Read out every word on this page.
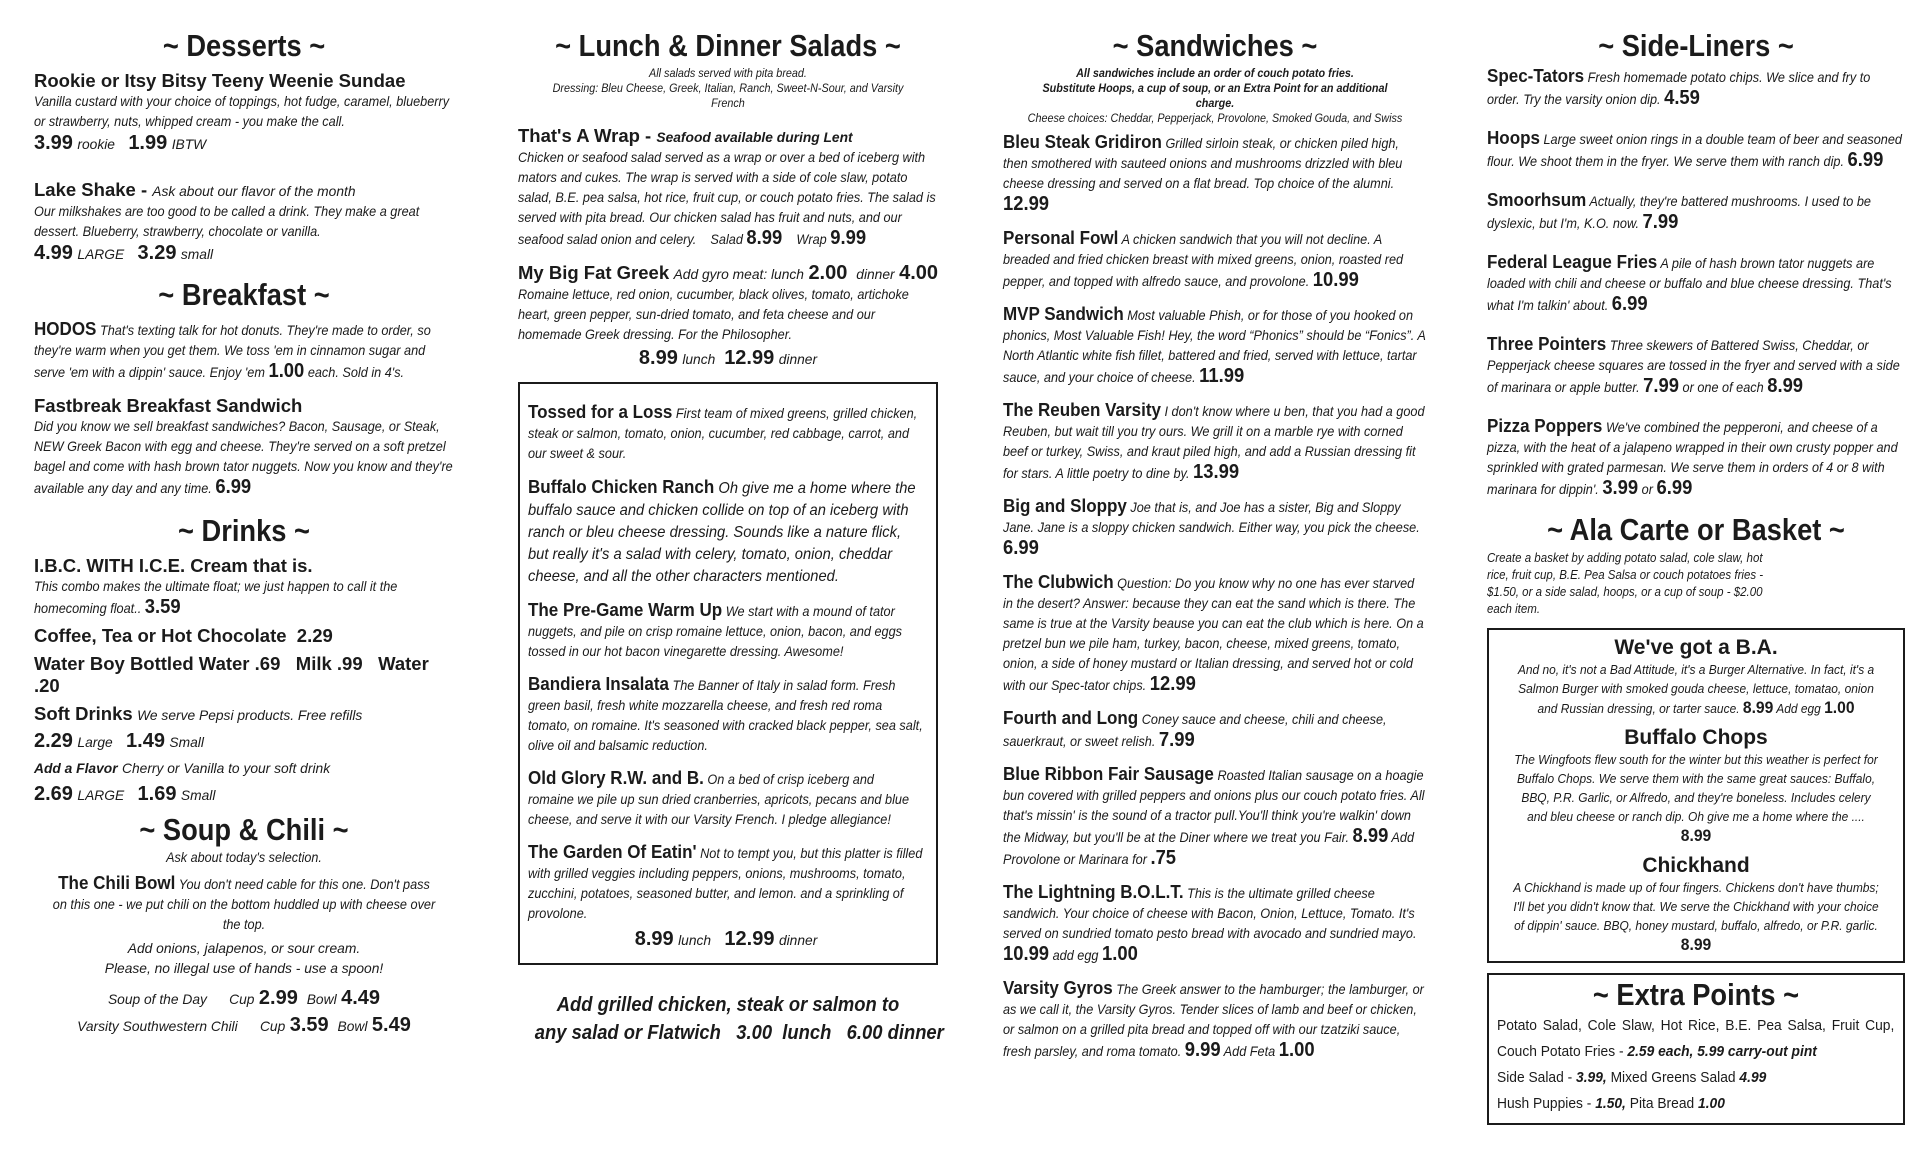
~ Desserts ~
Rookie or Itsy Bitsy Teeny Weenie Sundae
Vanilla custard with your choice of toppings, hot fudge, caramel, blueberry or strawberry, nuts, whipped cream - you make the call.
3.99 rookie 1.99 IBTW
Lake Shake - Ask about our flavor of the month
Our milkshakes are too good to be called a drink. They make a great dessert. Blueberry, strawberry, chocolate or vanilla.
4.99 LARGE 3.29 small
~ Breakfast ~
HODOS That's texting talk for hot donuts. They're made to order, so they're warm when you get them. We toss 'em in cinnamon sugar and serve 'em with a dippin' sauce. Enjoy 'em 1.00 each. Sold in 4's.
Fastbreak Breakfast Sandwich
Did you know we sell breakfast sandwiches? Bacon, Sausage, or Steak, NEW Greek Bacon with egg and cheese. They're served on a soft pretzel bagel and come with hash brown tator nuggets. Now you know and they're available any day and any time. 6.99
~ Drinks ~
I.B.C. WITH I.C.E. Cream that is.
This combo makes the ultimate float; we just happen to call it the homecoming float.. 3.59
Coffee, Tea or Hot Chocolate 2.29
Water Boy Bottled Water .69 Milk .99 Water .20
Soft Drinks We serve Pepsi products. Free refills
2.29 Large 1.49 Small
Add a Flavor Cherry or Vanilla to your soft drink
2.69 LARGE 1.69 Small
~ Soup & Chili ~
Ask about today's selection.
The Chili Bowl You don't need cable for this one. Don't pass on this one - we put chili on the bottom huddled up with cheese over the top.
Add onions, jalapenos, or sour cream.
Please, no illegal use of hands - use a spoon!
Soup of the Day Cup 2.99 Bowl 4.49
Varsity Southwestern Chili Cup 3.59 Bowl 5.49
~ Lunch & Dinner Salads ~
All salads served with pita bread.
Dressing: Bleu Cheese, Greek, Italian, Ranch, Sweet-N-Sour, and Varsity French
That's A Wrap - Seafood available during Lent
Chicken or seafood salad served as a wrap or over a bed of iceberg with mators and cukes. The wrap is served with a side of cole slaw, potato salad, B.E. pea salsa, hot rice, fruit cup, or couch potato fries. The salad is served with pita bread. Our chicken salad has fruit and nuts, and our seafood salad onion and celery. Salad 8.99 Wrap 9.99
My Big Fat Greek Add gyro meat: lunch 2.00 dinner 4.00
Romaine lettuce, red onion, cucumber, black olives, tomato, artichoke heart, green pepper, sun-dried tomato, and feta cheese and our homemade Greek dressing. For the Philosopher.
8.99 lunch 12.99 dinner
Tossed for a Loss First team of mixed greens, grilled chicken, steak or salmon, tomato, onion, cucumber, red cabbage, carrot, and our sweet & sour.
Buffalo Chicken Ranch Oh give me a home where the buffalo sauce and chicken collide on top of an iceberg with ranch or bleu cheese dressing. Sounds like a nature flick, but really it's a salad with celery, tomato, onion, cheddar cheese, and all the other characters mentioned.
The Pre-Game Warm Up We start with a mound of tator nuggets, and pile on crisp romaine lettuce, onion, bacon, and eggs tossed in our hot bacon vinegarette dressing. Awesome!
Bandiera Insalata The Banner of Italy in salad form. Fresh green basil, fresh white mozzarella cheese, and fresh red roma tomato, on romaine. It's seasoned with cracked black pepper, sea salt, olive oil and balsamic reduction.
Old Glory R.W. and B. On a bed of crisp iceberg and romaine we pile up sun dried cranberries, apricots, pecans and blue cheese, and serve it with our Varsity French. I pledge allegiance!
The Garden Of Eatin' Not to tempt you, but this platter is filled with grilled veggies including peppers, onions, mushrooms, tomato, zucchini, potatoes, seasoned butter, and lemon. and a sprinkling of provolone.
8.99 lunch 12.99 dinner
Add grilled chicken, steak or salmon to
any salad or Flatwich   3.00  lunch   6.00 dinner
~ Sandwiches ~
All sandwiches include an order of couch potato fries.
Substitute Hoops, a cup of soup, or an Extra Point for an additional charge.
Cheese choices: Cheddar, Pepperjack, Provolone, Smoked Gouda, and Swiss
Bleu Steak Gridiron Grilled sirloin steak, or chicken piled high, then smothered with sauteed onions and mushrooms drizzled with bleu cheese dressing and served on a flat bread. Top choice of the alumni. 12.99
Personal Fowl A chicken sandwich that you will not decline. A breaded and fried chicken breast with mixed greens, onion, roasted red pepper, and topped with alfredo sauce, and provolone. 10.99
MVP Sandwich Most valuable Phish, or for those of you hooked on phonics, Most Valuable Fish! Hey, the word “Phonics” should be “Fonics”. A North Atlantic white fish fillet, battered and fried, served with lettuce, tartar sauce, and your choice of cheese. 11.99
The Reuben Varsity I don't know where u ben, that you had a good Reuben, but wait till you try ours. We grill it on a marble rye with corned beef or turkey, Swiss, and kraut piled high, and add a Russian dressing fit for stars. A little poetry to dine by. 13.99
Big and Sloppy Joe that is, and Joe has a sister, Big and Sloppy Jane. Jane is a sloppy chicken sandwich. Either way, you pick the cheese. 6.99
The Clubwich Question: Do you know why no one has ever starved in the desert? Answer: because they can eat the sand which is there. The same is true at the Varsity beause you can eat the club which is here. On a pretzel bun we pile ham, turkey, bacon, cheese, mixed greens, tomato, onion, a side of honey mustard or Italian dressing, and served hot or cold with our Spec-tator chips. 12.99
Fourth and Long Coney sauce and cheese, chili and cheese, sauerkraut, or sweet relish. 7.99
Blue Ribbon Fair Sausage Roasted Italian sausage on a hoagie bun covered with grilled peppers and onions plus our couch potato fries. All that's missin' is the sound of a tractor pull.You'll think you're walkin' down the Midway, but you'll be at the Diner where we treat you Fair. 8.99 Add Provolone or Marinara for .75
The Lightning B.O.L.T. This is the ultimate grilled cheese sandwich. Your choice of cheese with Bacon, Onion, Lettuce, Tomato. It's served on sundried tomato pesto bread with avocado and sundried mayo. 10.99 add egg 1.00
Varsity Gyros The Greek answer to the hamburger; the lamburger, or as we call it, the Varsity Gyros. Tender slices of lamb and beef or chicken, or salmon on a grilled pita bread and topped off with our tzatziki sauce, fresh parsley, and roma tomato. 9.99 Add Feta 1.00
~ Side-Liners ~
Spec-Tators Fresh homemade potato chips. We slice and fry to order. Try the varsity onion dip. 4.59
Hoops Large sweet onion rings in a double team of beer and seasoned flour. We shoot them in the fryer. We serve them with ranch dip. 6.99
Smoorhsum Actually, they're battered mushrooms. I used to be dyslexic, but I'm, K.O. now. 7.99
Federal League Fries A pile of hash brown tator nuggets are loaded with chili and cheese or buffalo and blue cheese dressing. That's what I'm talkin' about. 6.99
Three Pointers Three skewers of Battered Swiss, Cheddar, or Pepperjack cheese squares are tossed in the fryer and served with a side of marinara or apple butter. 7.99 or one of each 8.99
Pizza Poppers We've combined the pepperoni, and cheese of a pizza, with the heat of a jalapeno wrapped in their own crusty popper and sprinkled with grated parmesan. We serve them in orders of 4 or 8 with marinara for dippin'. 3.99 or 6.99
~ Ala Carte or Basket ~
Create a basket by adding potato salad, cole slaw, hot rice, fruit cup, B.E. Pea Salsa or couch potatoes fries - $1.50, or a side salad, hoops, or a cup of soup - $2.00 each item.
We've got a B.A.
And no, it's not a Bad Attitude, it's a Burger Alternative. In fact, it's a Salmon Burger with smoked gouda cheese, lettuce, tomatao, onion and Russian dressing, or tarter sauce. 8.99 Add egg 1.00
Buffalo Chops
The Wingfoots flew south for the winter but this weather is perfect for Buffalo Chops. We serve them with the same great sauces: Buffalo, BBQ, P.R. Garlic, or Alfredo, and they're boneless. Includes celery and bleu cheese or ranch dip. Oh give me a home where the .... 8.99
Chickhand
A Chickhand is made up of four fingers. Chickens don't have thumbs; I'll bet you didn't know that. We serve the Chickhand with your choice of dippin' sauce. BBQ, honey mustard, buffalo, alfredo, or P.R. garlic. 8.99
~ Extra Points ~
Potato Salad, Cole Slaw, Hot Rice, B.E. Pea Salsa, Fruit Cup, Couch Potato Fries - 2.59 each, 5.99 carry-out pint
Side Salad - 3.99, Mixed Greens Salad 4.99
Hush Puppies - 1.50, Pita Bread 1.00
